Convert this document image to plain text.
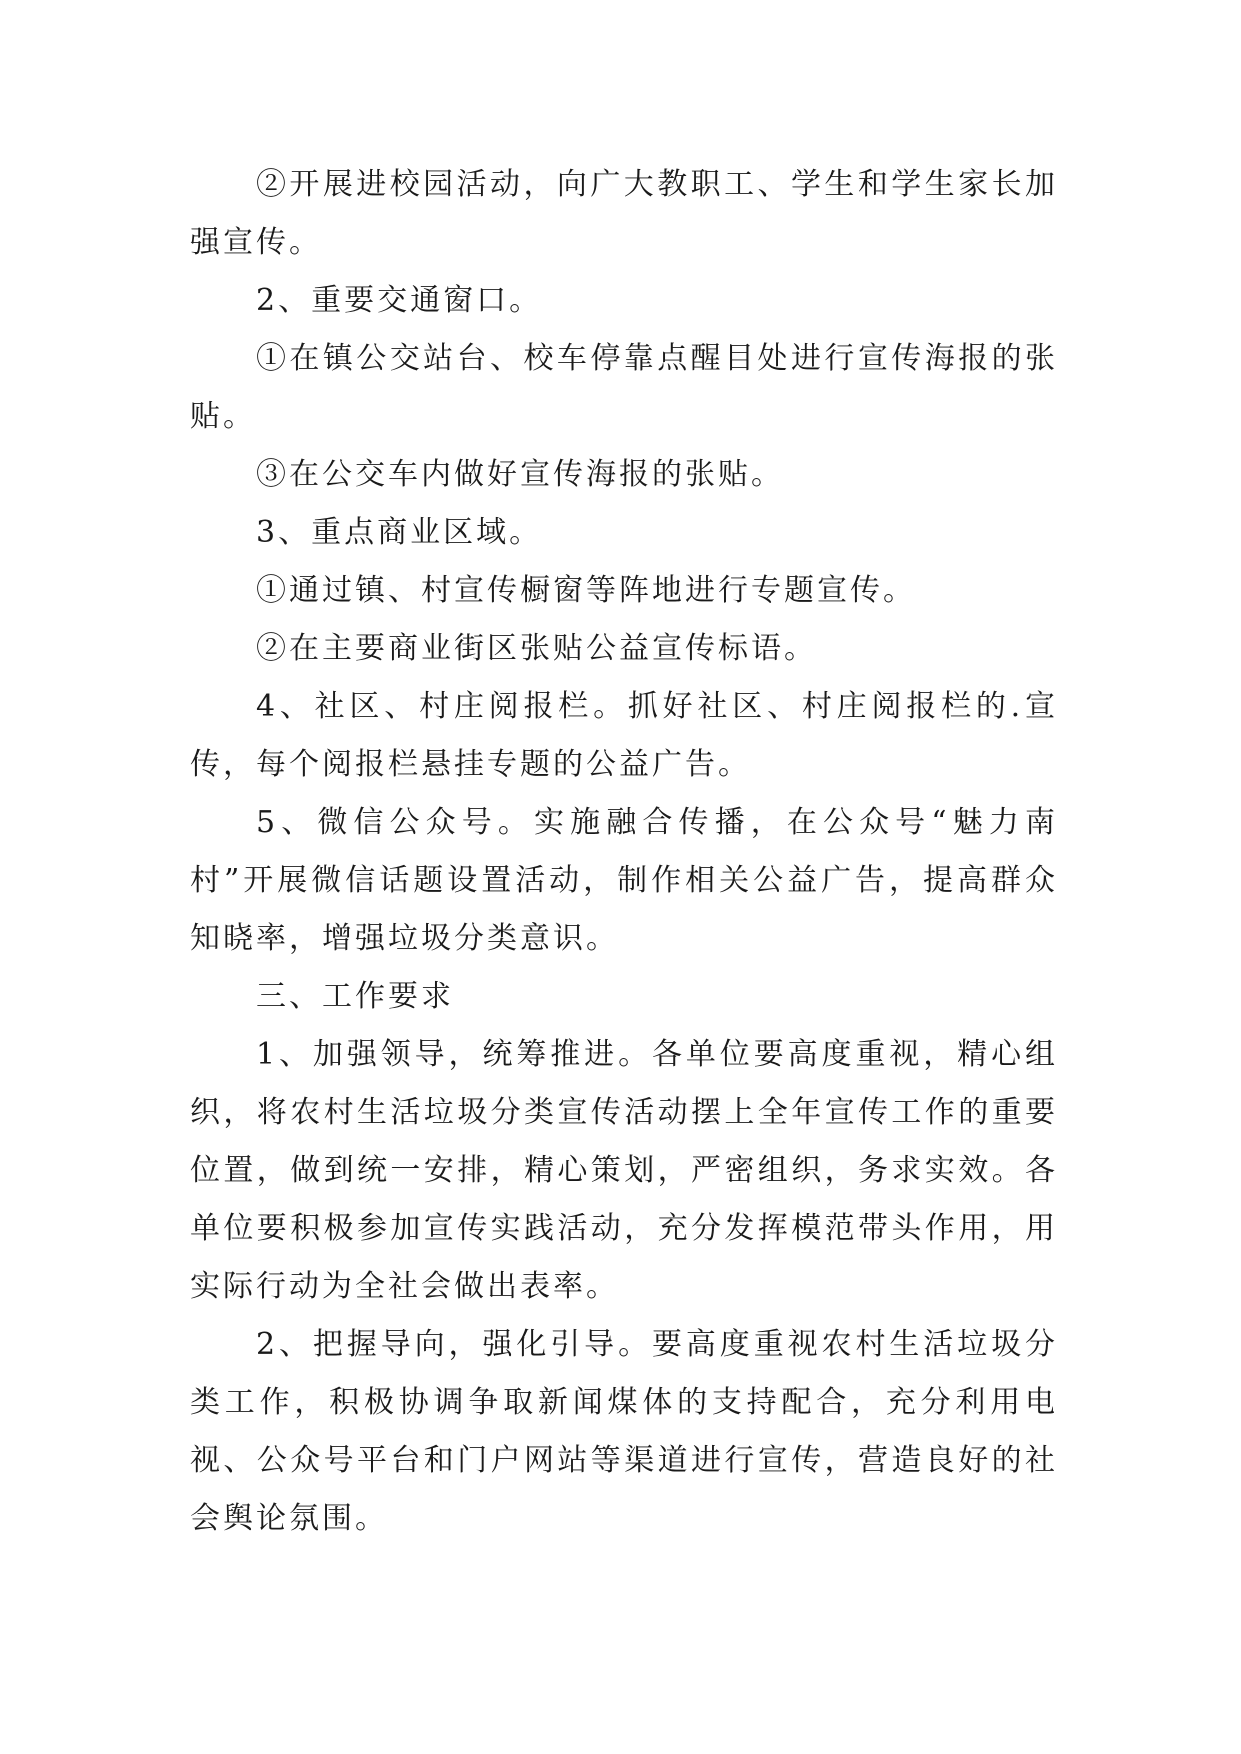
②开展进校园活动，向广大教职工、学生和学生家长加强宣传。

2、重要交通窗口。

①在镇公交站台、校车停靠点醒目处进行宣传海报的张贴。

③在公交车内做好宣传海报的张贴。

3、重点商业区域。

①通过镇、村宣传橱窗等阵地进行专题宣传。

②在主要商业街区张贴公益宣传标语。

4、社区、村庄阅报栏。抓好社区、村庄阅报栏的.宣传，每个阅报栏悬挂专题的公益广告。

5、微信公众号。实施融合传播，在公众号“魅力南村”开展微信话题设置活动，制作相关公益广告，提高群众知晓率，增强垃圾分类意识。

三、工作要求

1、加强领导，统筹推进。各单位要高度重视，精心组织，将农村生活垃圾分类宣传活动摆上全年宣传工作的重要位置，做到统一安排，精心策划，严密组织，务求实效。各单位要积极参加宣传实践活动，充分发挥模范带头作用，用实际行动为全社会做出表率。

2、把握导向，强化引导。要高度重视农村生活垃圾分类工作，积极协调争取新闻煤体的支持配合，充分利用电视、公众号平台和门户网站等渠道进行宣传，营造良好的社会舆论氛围。
